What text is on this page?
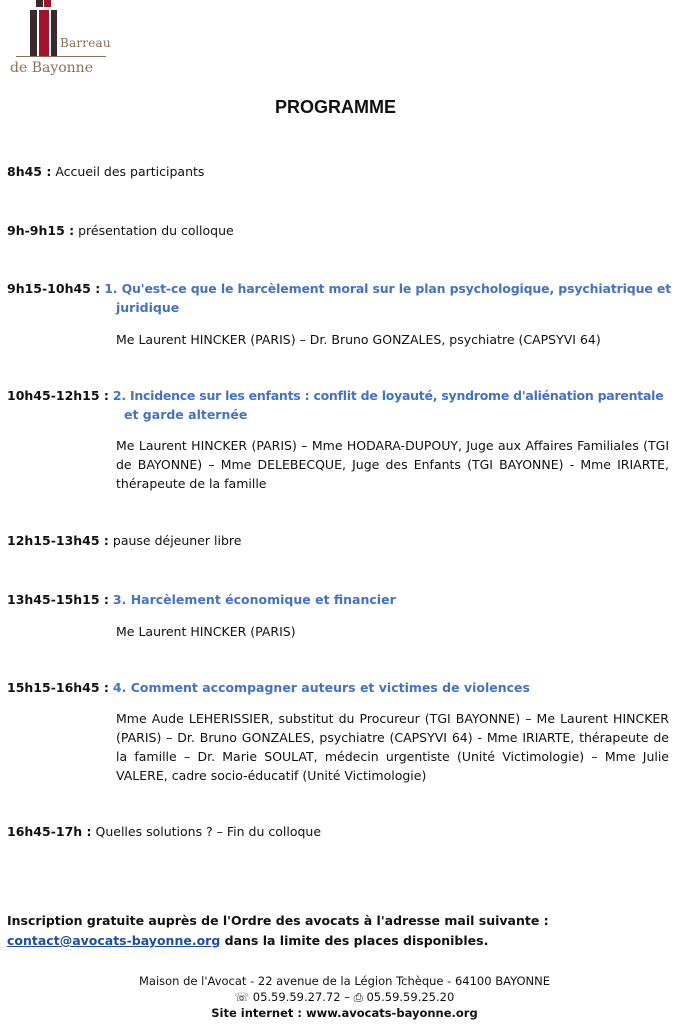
Barreau
de Bayonne
PROGRAMME
8h45 : Accueil des participants
9h-9h15 : présentation du colloque
9h15-10h45 : 1. Qu'est-ce que le harcèlement moral sur le plan psychologique, psychiatrique et
juridique
Me Laurent HINCKER (PARIS) – Dr. Bruno GONZALES, psychiatre (CAPSYVI 64)
10h45-12h15 : 2. Incidence sur les enfants : conflit de loyauté, syndrome d'aliénation parentale
et garde alternée
Me Laurent HINCKER (PARIS) – Mme HODARA-DUPOUY, Juge aux Affaires Familiales (TGI de BAYONNE) – Mme DELEBECQUE, Juge des Enfants (TGI BAYONNE) - Mme IRIARTE, thérapeute de la famille
12h15-13h45 : pause déjeuner libre
13h45-15h15 : 3. Harcèlement économique et financier
Me Laurent HINCKER (PARIS)
15h15-16h45 : 4. Comment accompagner auteurs et victimes de violences
Mme Aude LEHERISSIER, substitut du Procureur (TGI BAYONNE) – Me Laurent HINCKER (PARIS) – Dr. Bruno GONZALES, psychiatre (CAPSYVI 64) - Mme IRIARTE, thérapeute de la famille – Dr. Marie SOULAT, médecin urgentiste (Unité Victimologie) – Mme Julie VALERE, cadre socio-éducatif (Unité Victimologie)
16h45-17h : Quelles solutions ? – Fin du colloque
Inscription gratuite auprès de l'Ordre des avocats à l'adresse mail suivante : contact@avocats-bayonne.org dans la limite des places disponibles.
Maison de l'Avocat - 22 avenue de la Légion Tchèque - 64100 BAYONNE
☏ 05.59.59.27.72 – ⎙ 05.59.59.25.20
Site internet : www.avocats-bayonne.org
